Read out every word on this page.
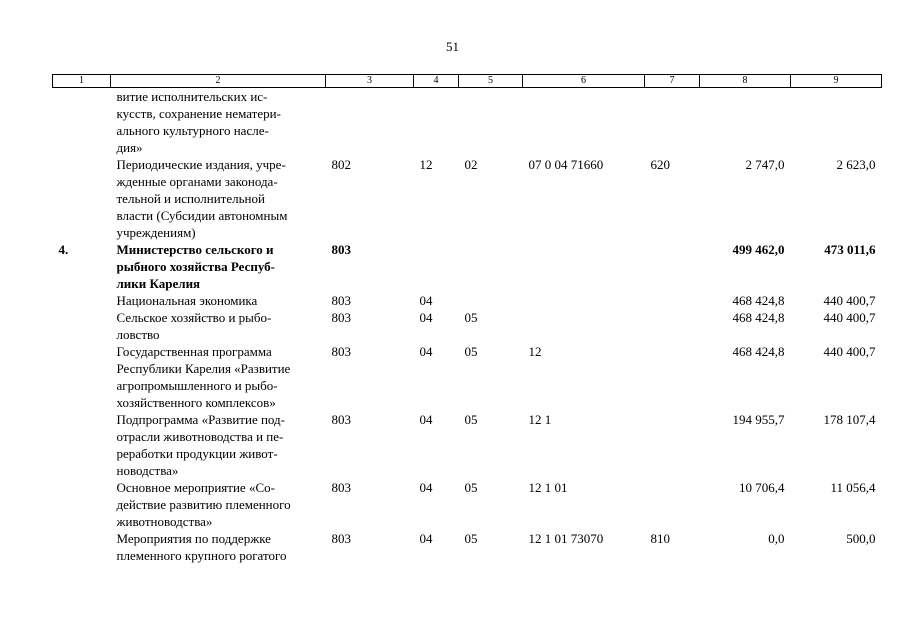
51
1	2	3	4	5	6	7	8	9
	витие исполнительских ис-
кусств, сохранение нематери-
ального культурного насле-
дия»							
	Периодические издания, учре-
жденные органами законода-
тельной и исполнительной
власти (Субсидии автономным
учреждениям)	802	12	02	07 0 04 71660	620	2 747,0	2 623,0
4.	Министерство сельского и
рыбного хозяйства Респуб-
лики Карелия	803					499 462,0	473 011,6
	Национальная экономика	803	04				468 424,8	440 400,7
	Сельское хозяйство и рыбо-
ловство	803	04	05			468 424,8	440 400,7
	Государственная программа
Республики Карелия «Развитие
агропромышленного и рыбо-
хозяйственного комплексов»	803	04	05	12		468 424,8	440 400,7
	Подпрограмма «Развитие под-
отрасли животноводства и пе-
реработки продукции живот-
новодства»	803	04	05	12 1		194 955,7	178 107,4
	Основное мероприятие «Со-
действие развитию племенного
животноводства»	803	04	05	12 1 01		10 706,4	11 056,4
	Мероприятия по поддержке
племенного крупного рогатого	803	04	05	12 1 01 73070	810	0,0	500,0
